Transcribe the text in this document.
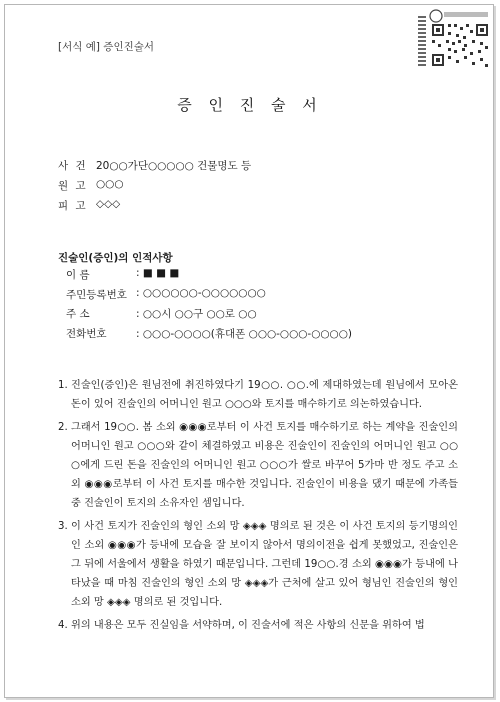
[서식 예] 증인진술서
증 인 진 술 서
사 건 20○○가단○○○○○ 건물명도 등
원 고 ○○○
피 고 ◇◇◇
진술인(증인)의 인적사항
이 름	: ■ ■ ■
주민등록번호 : ○○○○○○-○○○○○○○
주 소	: ○○시 ○○구 ○○로 ○○
전화번호	: ○○○-○○○○(휴대폰 ○○○-○○○-○○○○)
1. 진술인(증인)은 원님전에 취진하였다기 19○○. ○○.에 제대하였는데 원님에서 모아온 돈이 있어 진술인의 어머니인 원고 ○○○와 토지를 매수하기로 의논하였습니다.
2. 그래서 19○○. 봄 소외 ◉◉◉로부터 이 사건 토지를 매수하기로 하는 계약을 진술인의 어머니인 원고 ○○○와 같이 체결하였고 비용은 진술인이 진술인의 어머니인 원고 ○○○에게 드린 돈을 진술인의 어머니인 원고 ○○○가 쌀로 바꾸어 5가마 반 정도 주고 소외 ◉◉◉로부터 이 사건 토지를 매수한 것입니다. 진술인이 비용을 댔기 때문에 가족들 중 진술인이 토지의 소유자인 셈입니다.
3. 이 사건 토지가 진술인의 형인 소외 망 ◈◈◈ 명의로 된 것은 이 사건 토지의 등기명의인인 소외 ◉◉◉가 등내에 모습을 잘 보이지 않아서 명의이전을 쉽게 못했었고, 진술인은 그 뒤에 서울에서 생활을 하였기 때문입니다. 그런데 19○○.경 소외 ◉◉◉가 등내에 나타났을 때 마침 진술인의 형인 소외 망 ◈◈◈가 근처에 살고 있어 형님인 진술인의 형인 소외 망 ◈◈◈ 명의로 된 것입니다.
4. 위의 내용은 모두 진실임을 서약하며, 이 진술서에 적은 사항의 신문을 위하여 법
